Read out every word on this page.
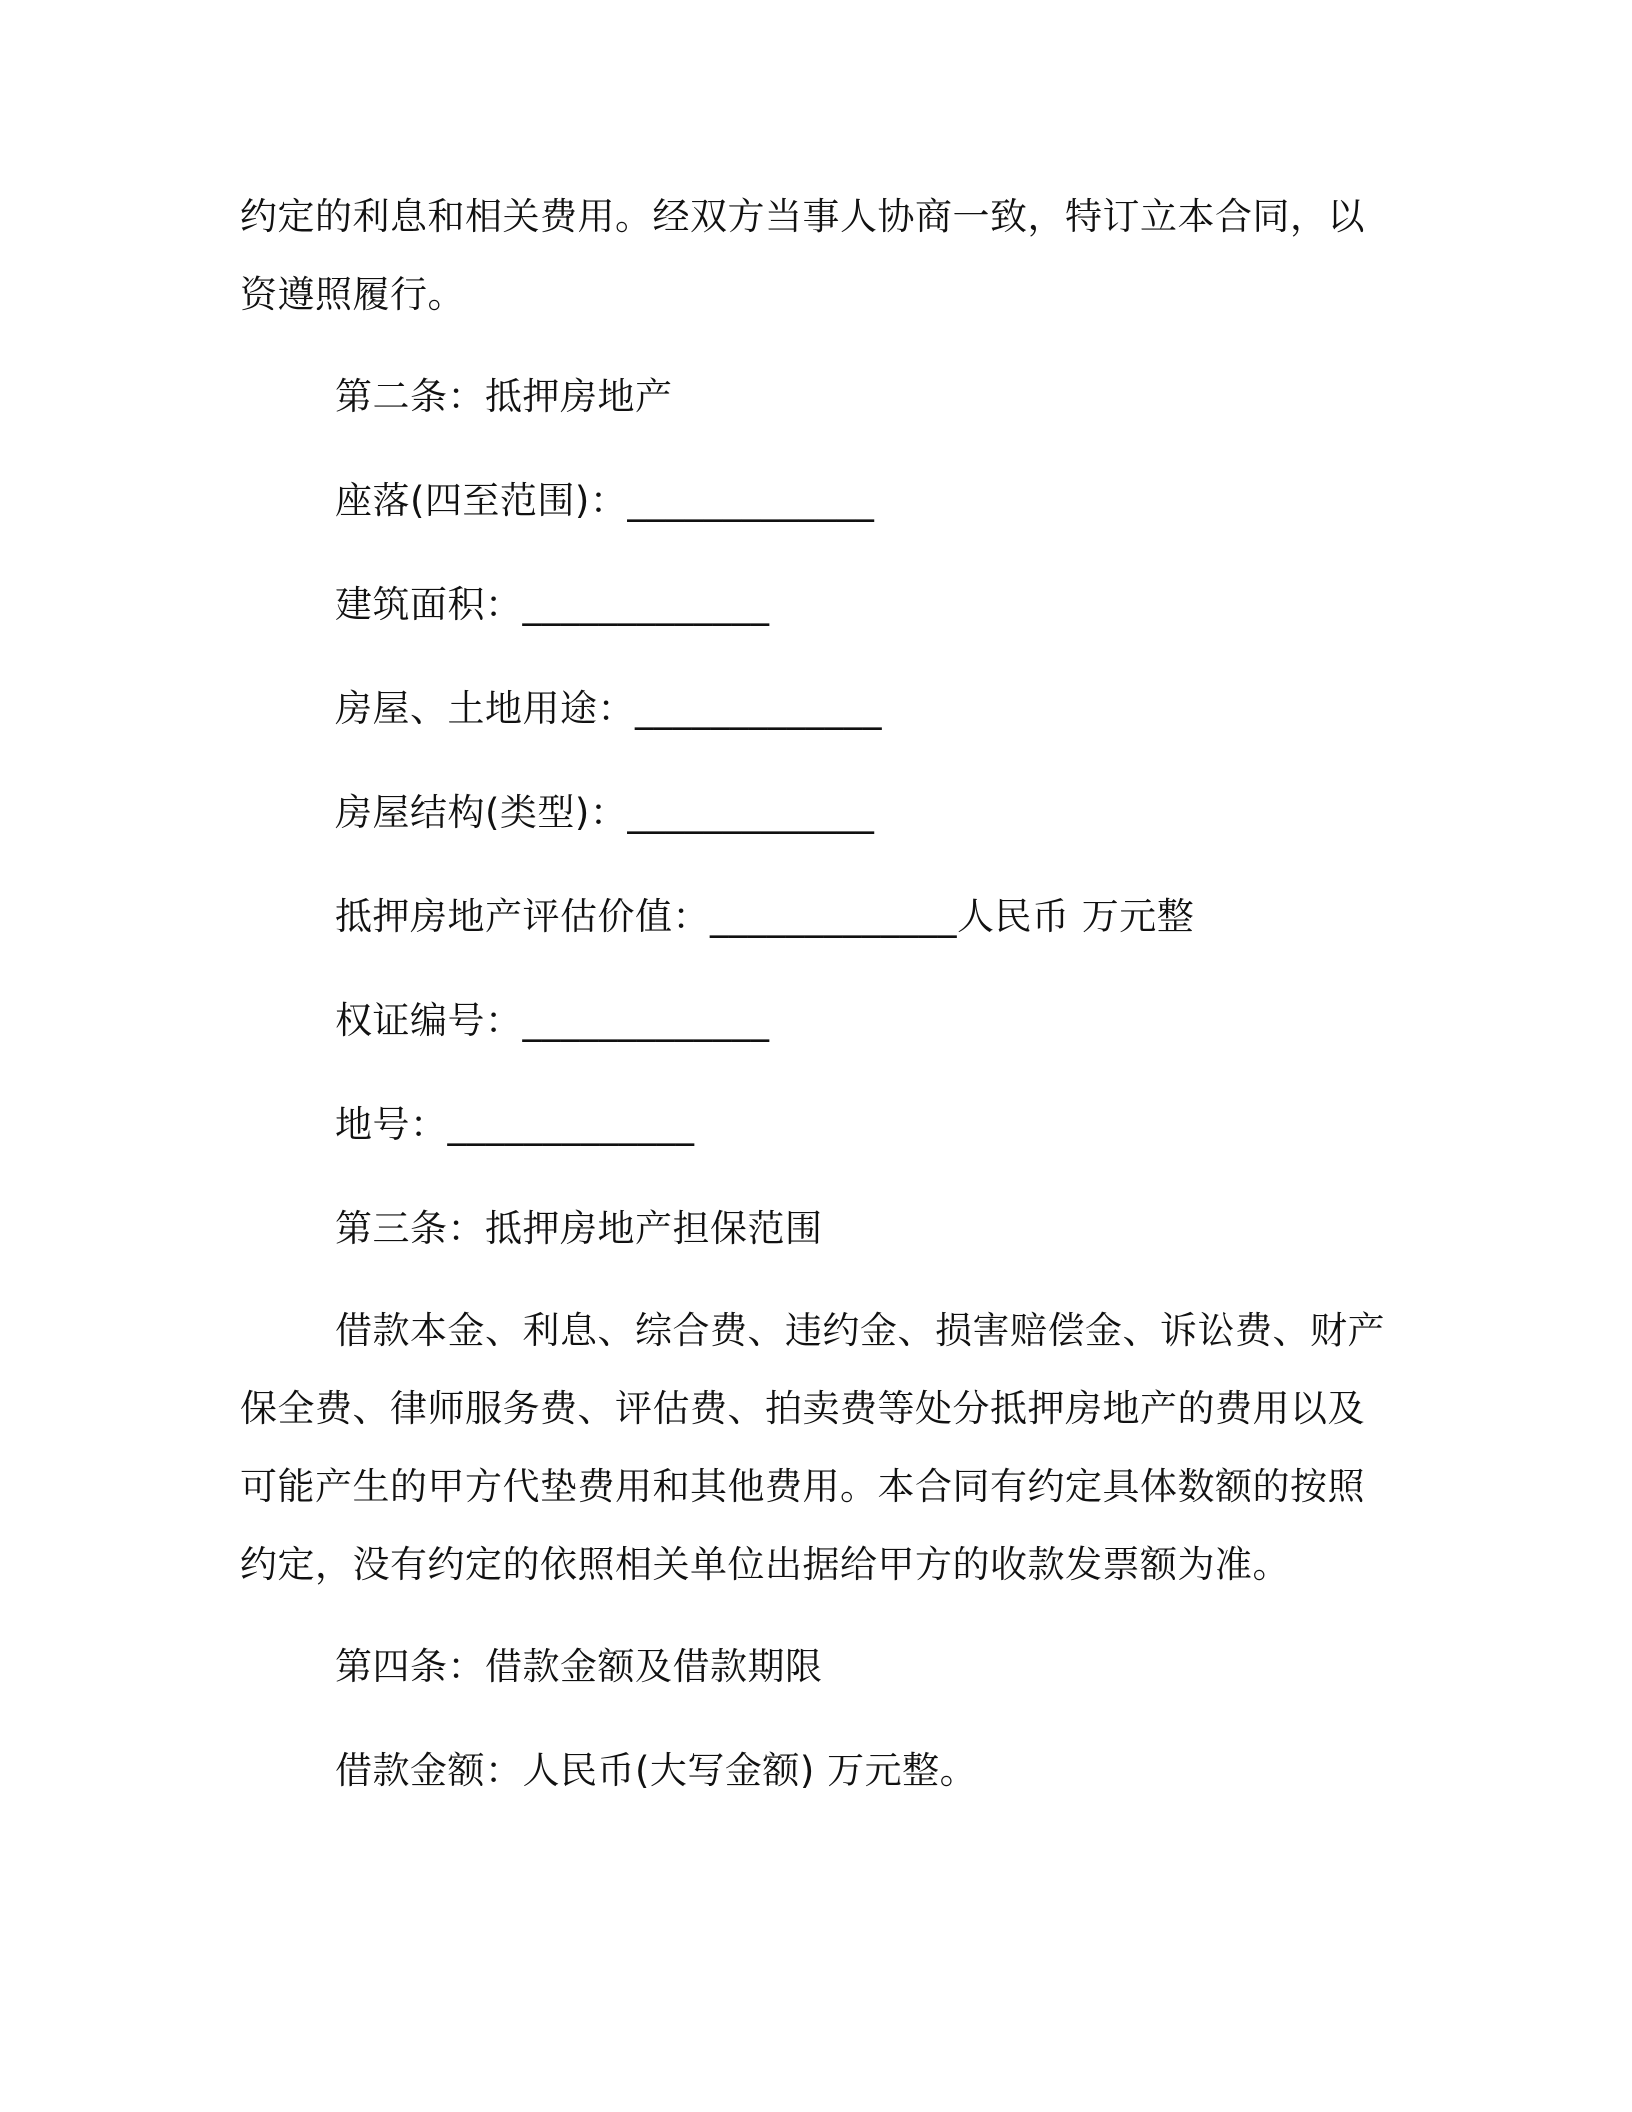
约定的利息和相关费用。经双方当事人协商一致，特订立本合同，以
资遵照履行。
第二条：抵押房地产
座落(四至范围)：_____________
建筑面积：_____________
房屋、土地用途：_____________
房屋结构(类型)：_____________
抵押房地产评估价值：_____________人民币 万元整
权证编号：_____________
地号：_____________
第三条：抵押房地产担保范围
借款本金、利息、综合费、违约金、损害赔偿金、诉讼费、财产
保全费、律师服务费、评估费、拍卖费等处分抵押房地产的费用以及
可能产生的甲方代垫费用和其他费用。本合同有约定具体数额的按照
约定，没有约定的依照相关单位出据给甲方的收款发票额为准。
第四条：借款金额及借款期限
借款金额：人民币(大写金额) 万元整。
